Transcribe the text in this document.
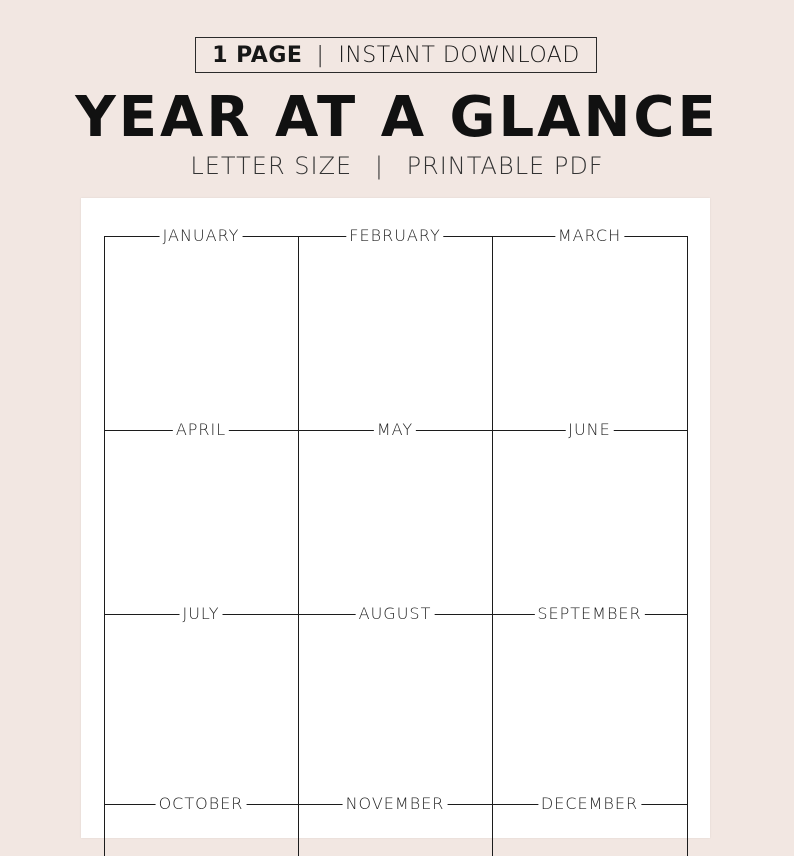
1 PAGE | INSTANT DOWNLOAD
YEAR AT A GLANCE
LETTER SIZE | PRINTABLE PDF
JANUARY	FEBRUARY	MARCH
APRIL	MAY	JUNE
JULY	AUGUST	SEPTEMBER
OCTOBER	NOVEMBER	DECEMBER
